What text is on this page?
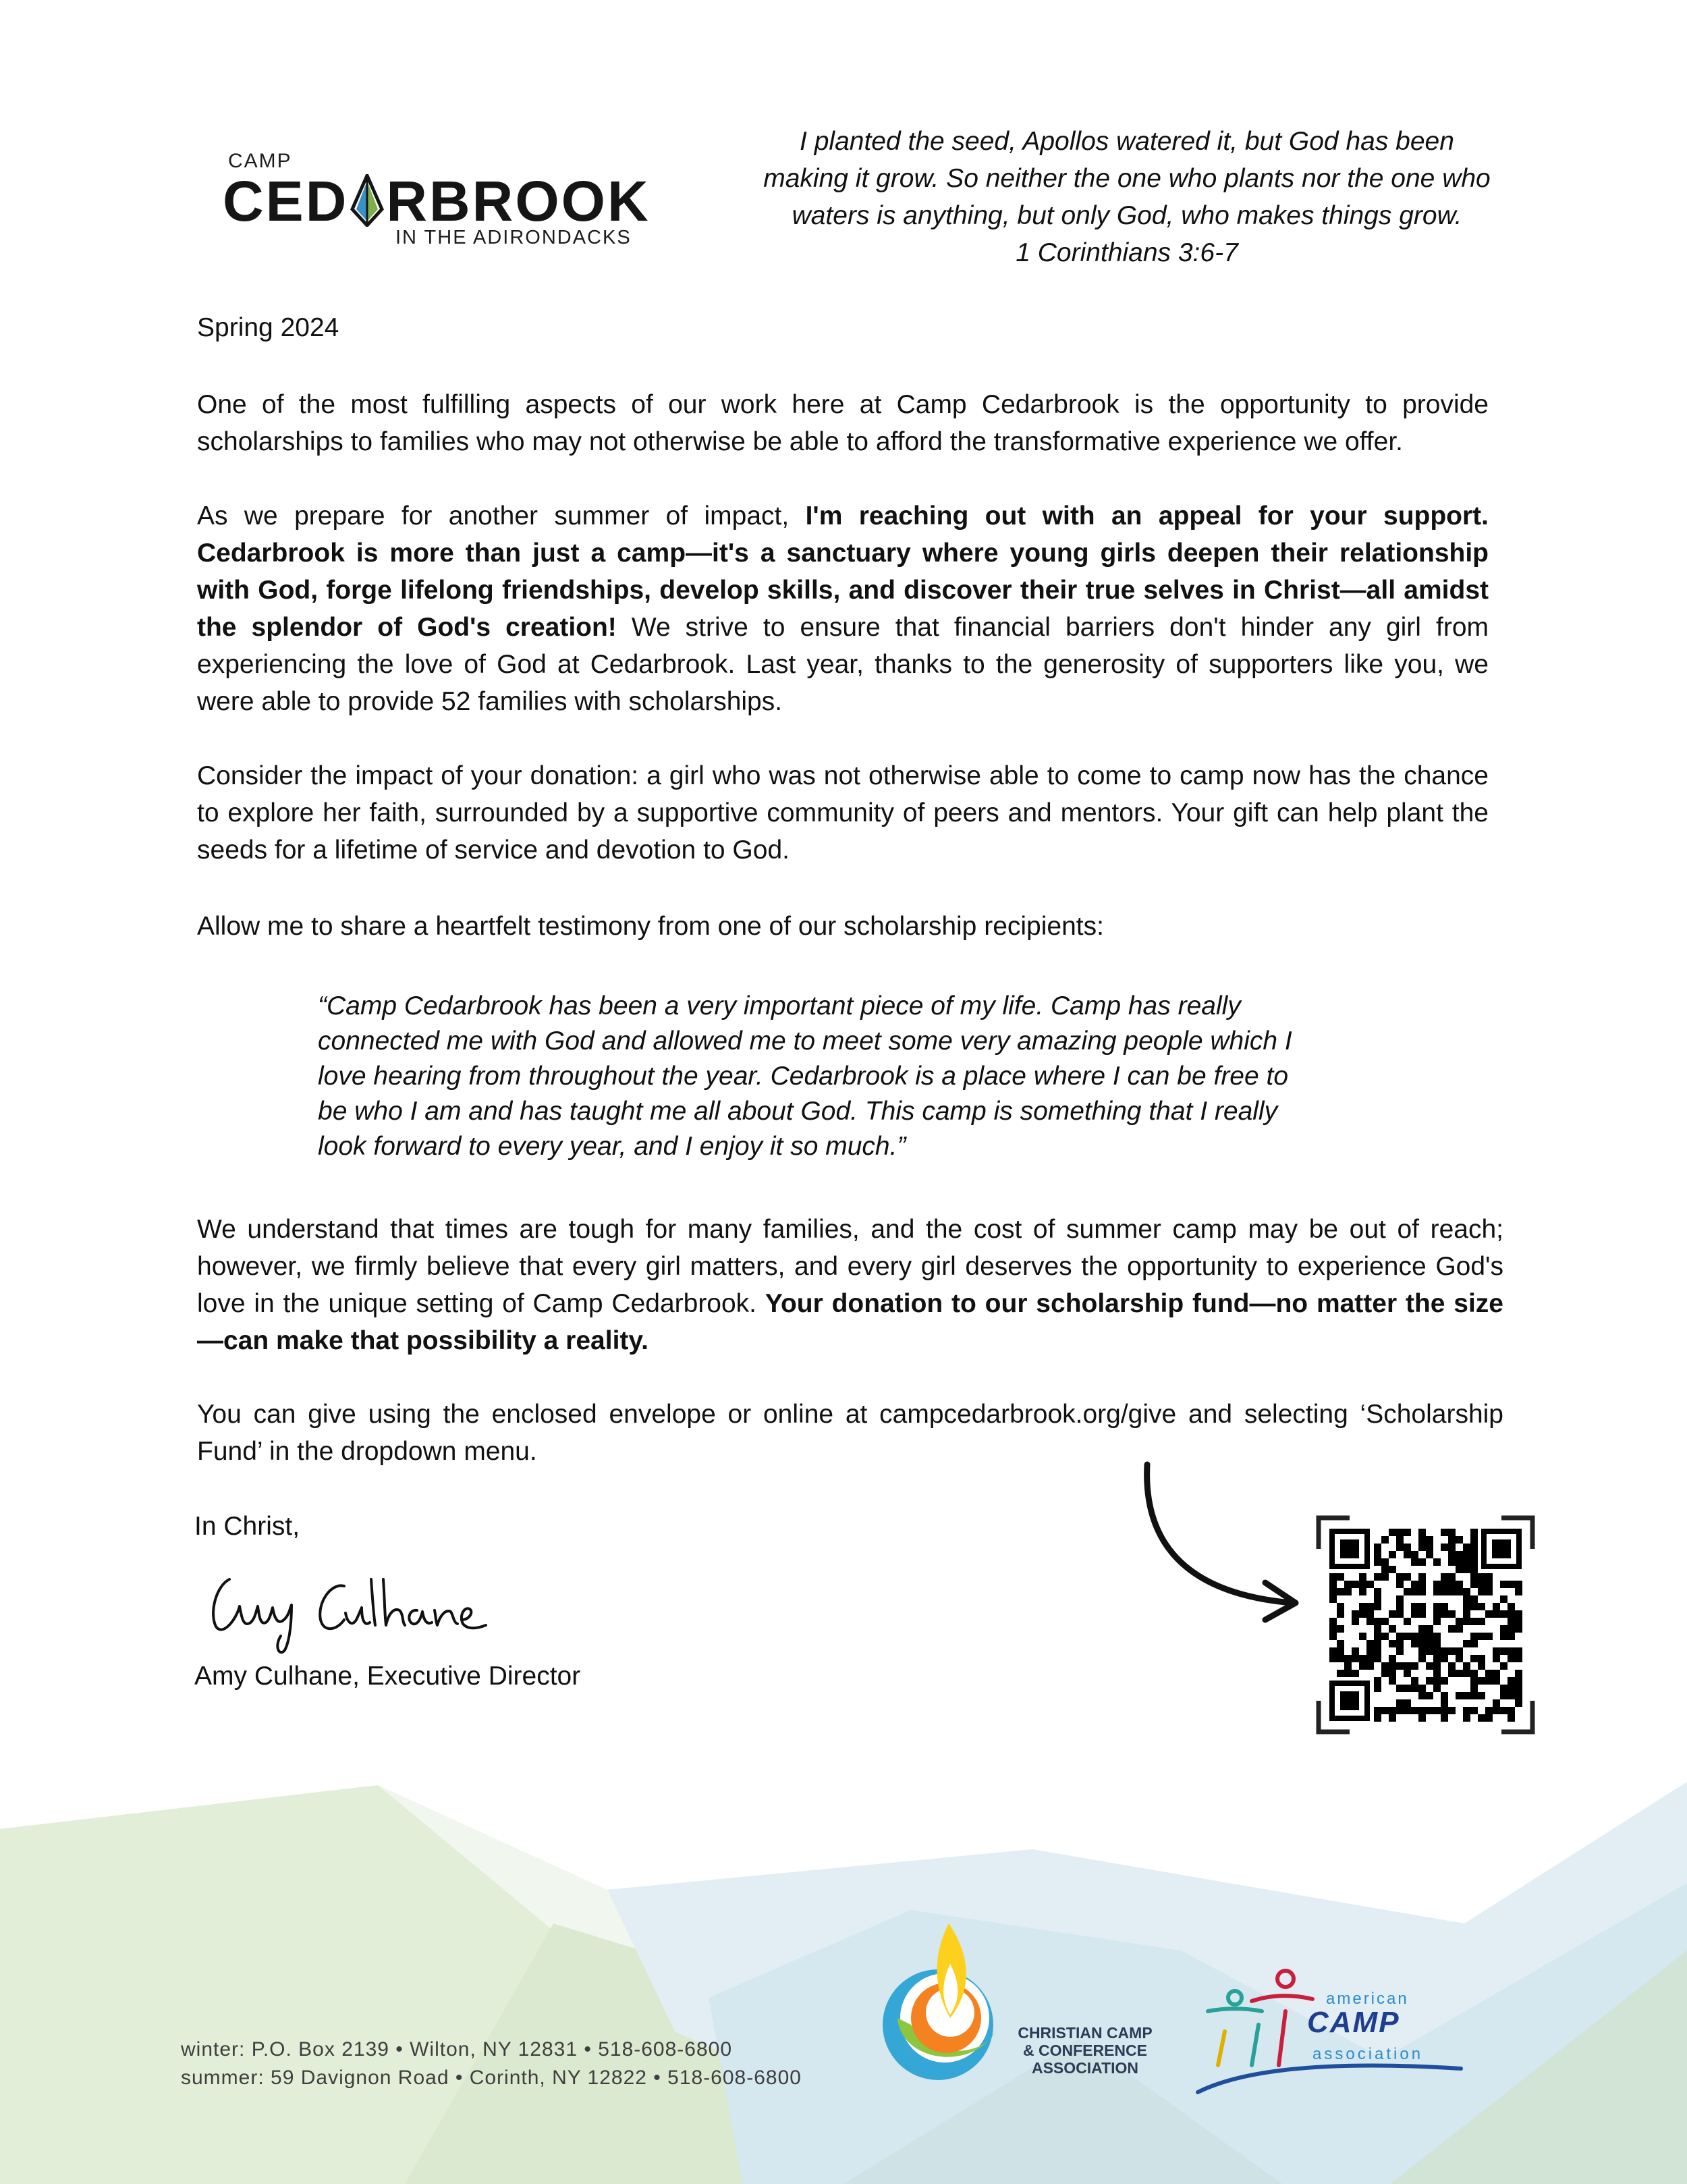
CAMP
CED RBROOK
IN THE ADIRONDACKS
I planted the seed, Apollos watered it, but God has been
making it grow. So neither the one who plants nor the one who
waters is anything, but only God, who makes things grow.
1 Corinthians 3:6-7
Spring 2024
One of the most fulfilling aspects of our work here at Camp Cedarbrook is the opportunity to provide scholarships to families who may not otherwise be able to afford the transformative experience we offer.
As we prepare for another summer of impact, I'm reaching out with an appeal for your support. Cedarbrook is more than just a camp—it's a sanctuary where young girls deepen their relationship with God, forge lifelong friendships, develop skills, and discover their true selves in Christ—all amidst the splendor of God's creation! We strive to ensure that financial barriers don't hinder any girl from experiencing the love of God at Cedarbrook. Last year, thanks to the generosity of supporters like you, we were able to provide 52 families with scholarships.
Consider the impact of your donation: a girl who was not otherwise able to come to camp now has the chance to explore her faith, surrounded by a supportive community of peers and mentors. Your gift can help plant the seeds for a lifetime of service and devotion to God.
Allow me to share a heartfelt testimony from one of our scholarship recipients:
“Camp Cedarbrook has been a very important piece of my life. Camp has really
connected me with God and allowed me to meet some very amazing people which I
love hearing from throughout the year. Cedarbrook is a place where I can be free to
be who I am and has taught me all about God. This camp is something that I really
look forward to every year, and I enjoy it so much.”
We understand that times are tough for many families, and the cost of summer camp may be out of reach; however, we firmly believe that every girl matters, and every girl deserves the opportunity to experience God's love in the unique setting of Camp Cedarbrook. Your donation to our scholarship fund—no matter the size—can make that possibility a reality.
You can give using the enclosed envelope or online at campcedarbrook.org/give and selecting ‘Scholarship Fund’ in the dropdown menu.
In Christ,
Amy Culhane, Executive Director
winter: P.O. Box 2139 • Wilton, NY 12831 • 518-608-6800
summer: 59 Davignon Road • Corinth, NY 12822 • 518-608-6800
CHRISTIAN CAMP
& CONFERENCE
ASSOCIATION
american
CAMP
association
